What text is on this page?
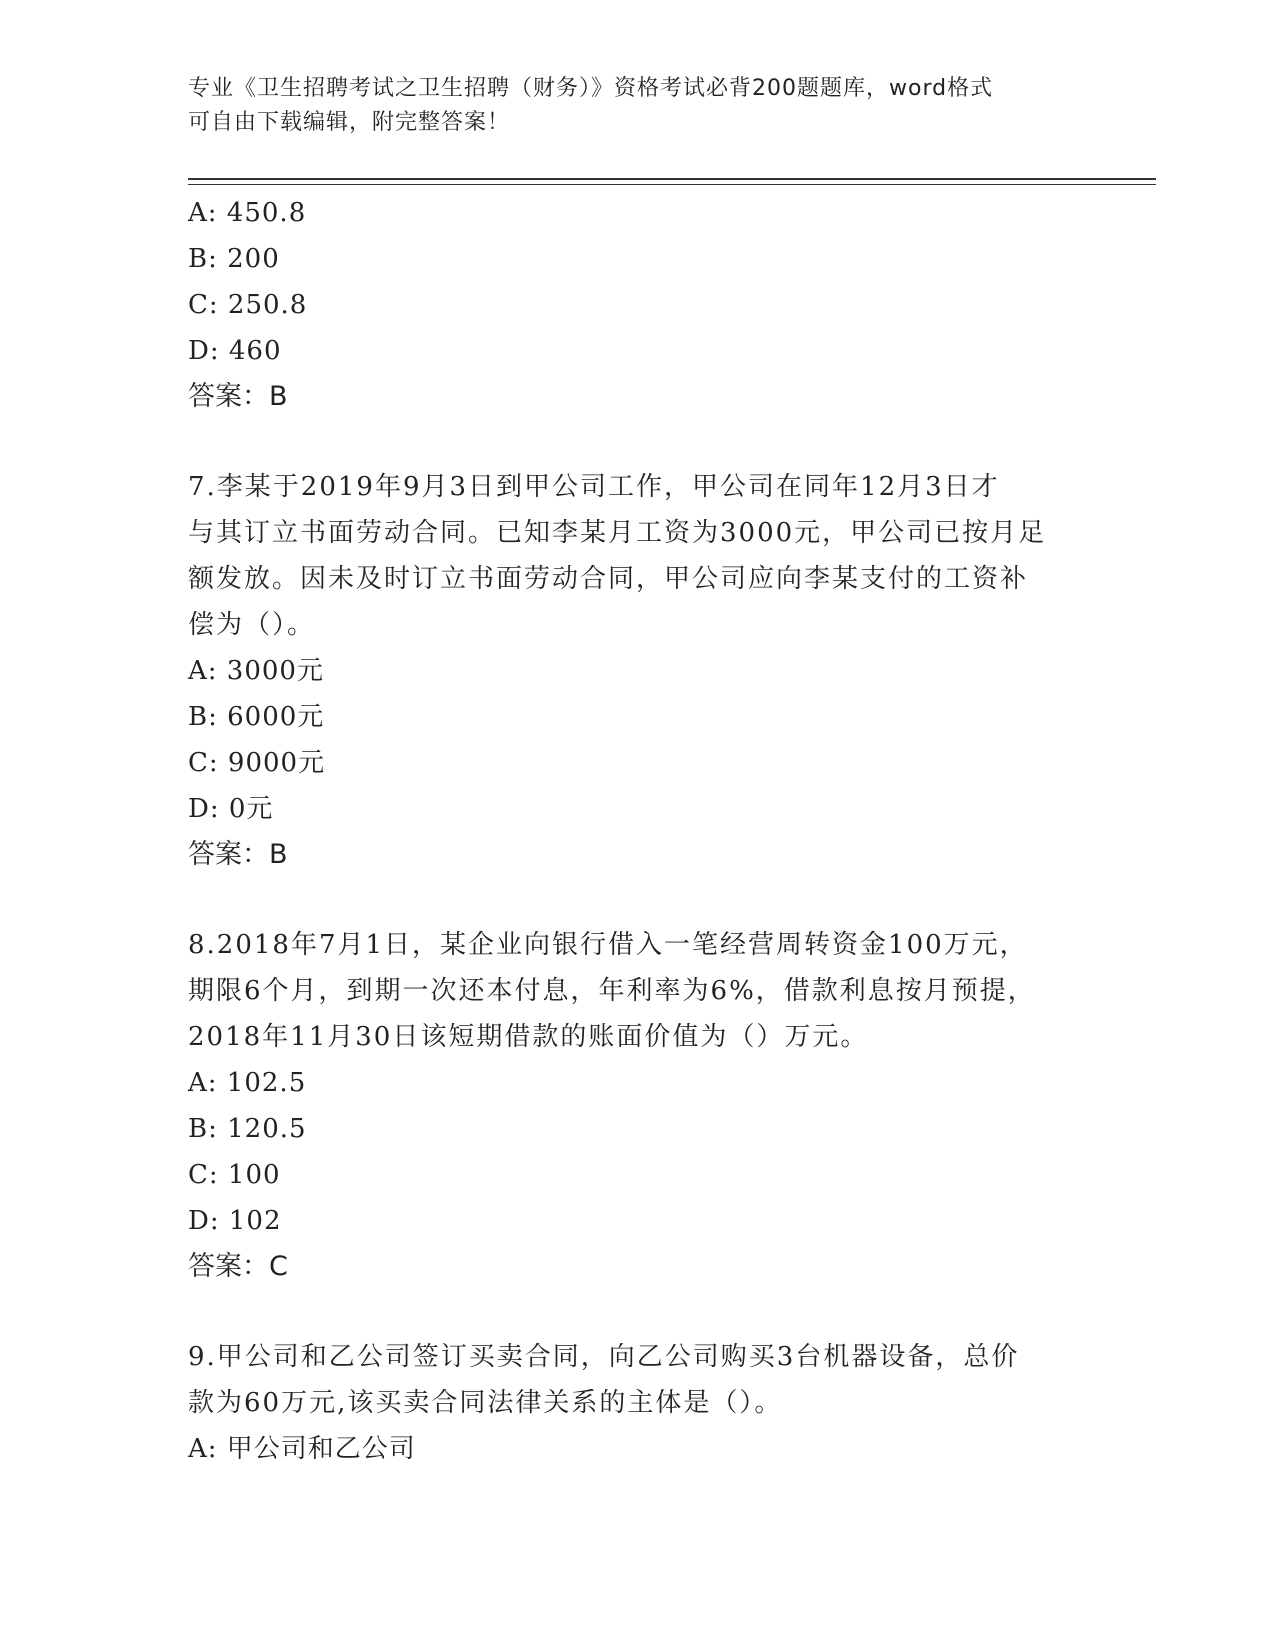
专业《卫生招聘考试之卫生招聘（财务）》资格考试必背200题题库，word格式
可自由下载编辑，附完整答案！
A: 450.8
B: 200
C: 250.8
D: 460
答案：B
7.李某于2019年9月3日到甲公司工作，甲公司在同年12月3日才
与其订立书面劳动合同。已知李某月工资为3000元，甲公司已按月足
额发放。因未及时订立书面劳动合同，甲公司应向李某支付的工资补
偿为（）。
A: 3000元
B: 6000元
C: 9000元
D: 0元
答案：B
8.2018年7月1日，某企业向银行借入一笔经营周转资金100万元，
期限6个月，到期一次还本付息，年利率为6%，借款利息按月预提，
2018年11月30日该短期借款的账面价值为（）万元。
A: 102.5
B: 120.5
C: 100
D: 102
答案：C
9.甲公司和乙公司签订买卖合同，向乙公司购买3台机器设备，总价
款为60万元,该买卖合同法律关系的主体是（）。
A: 甲公司和乙公司
